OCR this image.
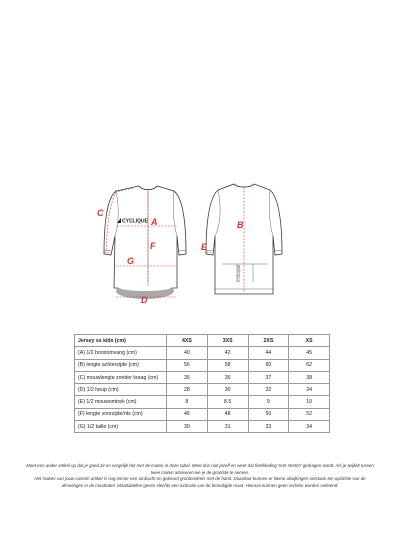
CYCLIQUE
C
A
F
G
D
CYCLIQUE
B
E
Jersey ss kids (cm)	4XS	3XS	2XS	XS
(A) 1/2 borstomvang (cm)	40	42	44	45
(B) lengte achterzijde (cm)	56	58	60	62
(C) mouwlengte zonder kraag (cm)	35	36	37	38
(D) 1/2 heup (cm)	28	30	32	34
(E) 1/2 mouwomtrek (cm)	8	8.5	9	10
(F) lengte voorzijde/rits (cm)	46	48	50	52
(G) 1/2 taille (cm)	30	31	33	34

Meet een ander artikel op dat je goed zit en vergelijk het met de maten in deze tabel. Meet dus niet jezelf en weet dat fietskleding 'met stretch' gedragen wordt. Als je twijfelt tussen

twee maten adviseren we je de grootste te nemen.

Het maken van jouw custom artikel is nog immer een ambacht en gebeurd grootendeels met de hand. Daardoor kunnen er kleine afwijkingen ontstaan ten opzichte van de

afmetingen in de maattabel. Maattabellen geven slechts een indicatie van de benodigde maat. Hieraan kunnen geen rechten worden ontleend.
